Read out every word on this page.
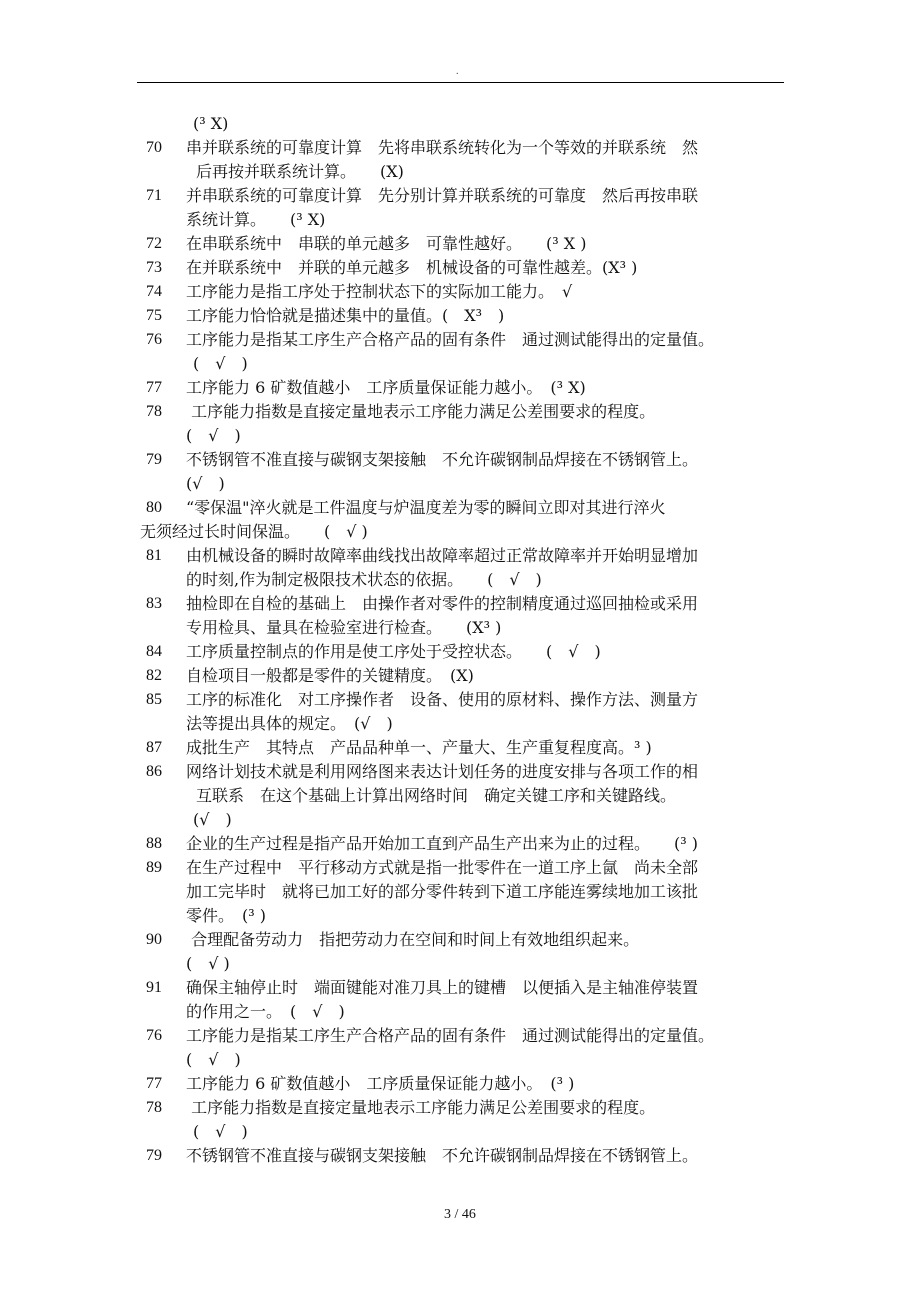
.
(³ X)
70 串并联系统的可靠度计算　先将串联系统转化为一个等效的并联系统　然
后再按并联系统计算。　　(X)
71 并串联系统的可靠度计算　先分别计算并联系统的可靠度　然后再按串联
系统计算。　　(³ X)
72 在串联系统中　串联的单元越多　可靠性越好。　　(³ X )
73 在并联系统中　并联的单元越多　机械设备的可靠性越差。(X³ )
74 工序能力是指工序处于控制状态下的实际加工能力。　√
75 工序能力恰恰就是描述集中的量值。(　X³　)
76 工序能力是指某工序生产合格产品的固有条件　通过测试能得出的定量值。
(　√　)
77 工序能力 6 矿数值越小　工序质量保证能力越小。　(³ X)
78 工序能力指数是直接定量地表示工序能力满足公差围要求的程度。
(　√　)
79 不锈钢管不准直接与碳钢支架接触　不允许碳钢制品焊接在不锈钢管上。
(√　)
80 “零保温"淬火就是工件温度与炉温度差为零的瞬间立即对其进行淬火
无须经过长时间保温。　　(　√ )
81 由机械设备的瞬时故障率曲线找出故障率超过正常故障率并开始明显增加
的时刻,作为制定极限技术状态的依据。　　(　√　)
83 抽检即在自检的基础上　由操作者对零件的控制精度通过巡回抽检或采用
专用检具、量具在检验室进行检查。　　(X³ )
84 工序质量控制点的作用是使工序处于受控状态。　　(　√　)
82 自检项目一般都是零件的关键精度。　(X)
85 工序的标准化　对工序操作者　设备、使用的原材料、操作方法、测量方
法等提出具体的规定。　(√　)
87 成批生产　其特点　产品品种单一、产量大、生产重复程度高。³ )
86 网络计划技术就是利用网络图来表达计划任务的进度安排与各项工作的相
互联系　在这个基础上计算出网络时间　确定关键工序和关键路线。
(√　)
88 企业的生产过程是指产品开始加工直到产品生产出来为止的过程。　　(³ )
89 在生产过程中　平行移动方式就是指一批零件在一道工序上氤　尚未全部
加工完毕时　就将已加工好的部分零件转到下道工序能连雾续地加工该批
零件。　(³ )
90 合理配备劳动力　指把劳动力在空间和时间上有效地组织起来。
(　√ )
91 确保主轴停止时　端面键能对准刀具上的键槽　以便插入是主轴准停装置
的作用之一。　(　√　)
76 工序能力是指某工序生产合格产品的固有条件　通过测试能得出的定量值。
(　√　)
77 工序能力 6 矿数值越小　工序质量保证能力越小。　(³ )
78 工序能力指数是直接定量地表示工序能力满足公差围要求的程度。
(　√　)
79 不锈钢管不准直接与碳钢支架接触　不允许碳钢制品焊接在不锈钢管上。
3 / 46
